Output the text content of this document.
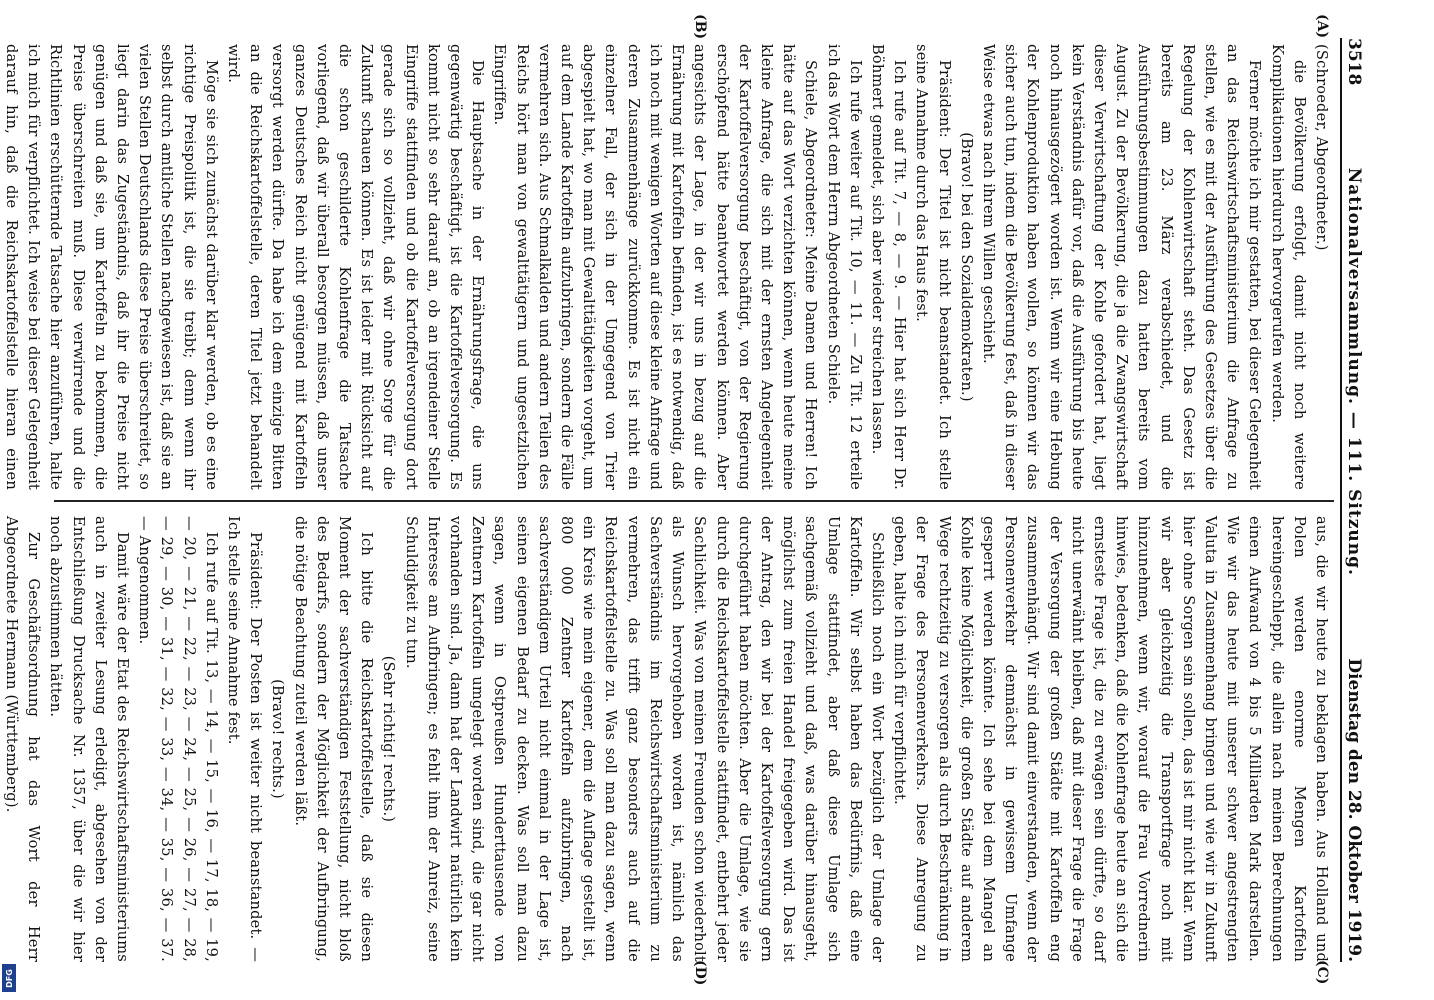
3518
Nationalversammlung. — 111. Sitzung.
Dienstag den 28. Oktober 1919.
(A)
(B)
(C)
(D)

(Schroeder, Abgeordneter.)

die Bevölkerung erfolgt, damit nicht noch weitere Komplikationen hierdurch hervorgerufen werden.

Ferner möchte ich mir gestatten, bei dieser Gelegenheit an das Reichswirtschaftsministerium die Anfrage zu stellen, wie es mit der Ausführung des Gesetzes über die Regelung der Kohlenwirtschaft steht. Das Gesetz ist bereits am 23. März verabschiedet, und die Ausführungsbestimmungen dazu hatten bereits vom August. Zu der Bevölkerung, die ja die Zwangswirtschaft dieser Verwirtschaftung der Kohle gefordert hat, liegt kein Verständnis dafür vor, daß die Ausführung bis heute noch hinausgezögert worden ist. Wenn wir eine Hebung der Kohlenproduktion haben wollen, so können wir das sicher auch tun, indem die Bevölkerung fest, daß in dieser Weise etwas nach ihrem Willen geschieht.

(Bravo! bei den Sozialdemokraten.)

Präsident: Der Titel ist nicht beanstandet. Ich stelle seine Annahme durch das Haus fest.

Ich rufe auf Tit. 7, — 8, — 9. — Hier hat sich Herr Dr. Böhmert gemeldet, sich aber wieder streichen lassen.

Ich rufe weiter auf Tit. 10, — 11. — Zu Tit. 12 erteile ich das Wort dem Herrn Abgeordneten Schiele.

Schiele, Abgeordneter: Meine Damen und Herren! Ich hätte auf das Wort verzichten können, wenn heute meine kleine Anfrage, die sich mit der ernsten Angelegenheit der Kartoffelversorgung beschäftigt, von der Regierung erschöpfend hätte beantwortet werden können. Aber angesichts der Lage, in der wir uns in bezug auf die Ernährung mit Kartoffeln befinden, ist es notwendig, daß ich noch mit wenigen Worten auf diese kleine Anfrage und deren Zusammenhänge zurückkomme. Es ist nicht ein einzelner Fall, der sich in der Umgegend von Trier abgespielt hat, wo man mit Gewalttätigkeiten vorgeht, um auf dem Lande Kartoffeln aufzubringen, sondern die Fälle vermehren sich. Aus Schmalkalden und andern Teilen des Reichs hört man von gewalttätigern und ungesetzlichen Eingriffen.

Die Hauptsache in der Ernährungsfrage, die uns gegenwärtig beschäftigt, ist die Kartoffelversorgung. Es kommt nicht so sehr darauf an, ob an irgendeiner Stelle Eingriffe stattfinden und ob die Kartoffelversorgung dort gerade sich so vollzieht, daß wir ohne Sorge für die Zukunft schauen können. Es ist leider mit Rücksicht auf die schon geschilderte Kohlenfrage die Tatsache vorliegend, daß wir überall besorgen müssen, daß unser ganzes Deutsches Reich nicht genügend mit Kartoffeln versorgt werden dürfte. Da habe ich dem einzige Bitten an die Reichskartoffelstelle, deren Titel jetzt behandelt wird.

Möge sie sich zunächst darüber klar werden, ob es eine richtige Preispolitik ist, die sie treibt; denn wenn ihr selbst durch amtliche Stellen nachgewiesen ist, daß sie an vielen Stellen Deutschlands diese Preise überschreitet, so liegt darin das Zugeständnis, daß ihr die Preise nicht genügen und daß sie, um Kartoffeln zu bekommen, die Preise überschreiten muß. Diese verwirrende und die Richtlinien erschütternde Tatsache hier anzuführen, halte ich mich für verpflichtet. Ich weise bei dieser Gelegenheit darauf hin, daß die Reichskartoffelstelle hieran einen

aus, die wir heute zu beklagen haben. Aus Holland und Polen werden enorme Mengen Kartoffeln hereingeschleppt, die allein nach meinen Berechnungen einen Aufwand von 4 bis 5 Milliarden Mark darstellen. Wie wir das heute mit unserer schwer angestrengten Valuta in Zusammenhang bringen und wie wir in Zukunft hier ohne Sorgen sein sollen, das ist mir nicht klar. Wenn wir aber gleichzeitig die Transportfrage noch mit hinzunehmen, wenn wir, worauf die Frau Vorrednerin hinwies, bedenken, daß die Kohlenfrage heute an sich die ernsteste Frage ist, die zu erwägen sein dürfte, so darf nicht unerwähnt bleiben, daß mit dieser Frage die Frage der Versorgung der großen Städte mit Kartoffeln eng zusammenhängt. Wir sind damit einverstanden, wenn der Personenverkehr demnächst in gewissem Umfange gesperrt werden könnte. Ich sehe bei dem Mangel an Kohle keine Möglichkeit, die großen Städte auf anderem Wege rechtzeitig zu versorgen als durch Beschränkung in der Frage des Personenverkehrs. Diese Anregung zu geben, halte ich mich für verpflichtet.

Schließlich noch ein Wort bezüglich der Umlage der Kartoffeln. Wir selbst haben das Bedürfnis, daß eine Umlage stattfindet, aber daß diese Umlage sich sachgemäß vollzieht und daß, was darüber hinausgeht, möglichst zum freien Handel freigegeben wird. Das ist der Antrag, den wir bei der Kartoffelversorgung gern durchgeführt haben möchten. Aber die Umlage, wie sie durch die Reichskartoffelstelle stattfindet, entbehrt jeder Sachlichkeit. Was von meinen Freunden schon wiederholt als Wunsch hervorgehoben worden ist, nämlich das Sachverständnis im Reichswirtschaftsministerium zu vermehren, das trifft ganz besonders auch auf die Reichskartoffelstelle zu. Was soll man dazu sagen, wenn ein Kreis wie mein eigener, dem die Auflage gestellt ist, 800 000 Zentner Kartoffeln aufzubringen, nach sachverständigem Urteil nicht einmal in der Lage ist, seinen eigenen Bedarf zu decken. Was soll man dazu sagen, wenn in Ostpreußen Hunderttausende von Zentnern Kartoffeln umgelegt worden sind, die gar nicht vorhanden sind. Ja, dann hat der Landwirt natürlich kein Interesse am Aufbringen; es fehlt ihm der Anreiz, seine Schuldigkeit zu tun.

(Sehr richtig! rechts.)

Ich bitte die Reichskartoffelstelle, daß sie diesen Moment der sachverständigen Feststellung, nicht bloß des Bedarfs, sondern der Möglichkeit der Aufbringung, die nötige Beachtung zuteil werden läßt.

(Bravo! rechts.)

Präsident: Der Posten ist weiter nicht beanstandet. — Ich stelle seine Annahme fest.

Ich rufe auf Tit. 13, — 14, — 15, — 16, — 17, 18, — 19, — 20, — 21, — 22, — 23, — 24, — 25, — 26, — 27, — 28, — 29, — 30, — 31, — 32, — 33, — 34, — 35, — 36, — 37. — Angenommen.

Damit wäre der Etat des Reichswirtschaftsministeriums auch in zweiter Lesung erledigt, abgesehen von der Entschließung Drucksache Nr. 1357, über die wir hier noch abzustimmen hätten.

Zur Geschäftsordnung hat das Wort der Herr Abgeordnete Hermann (Württemberg).

DFG
